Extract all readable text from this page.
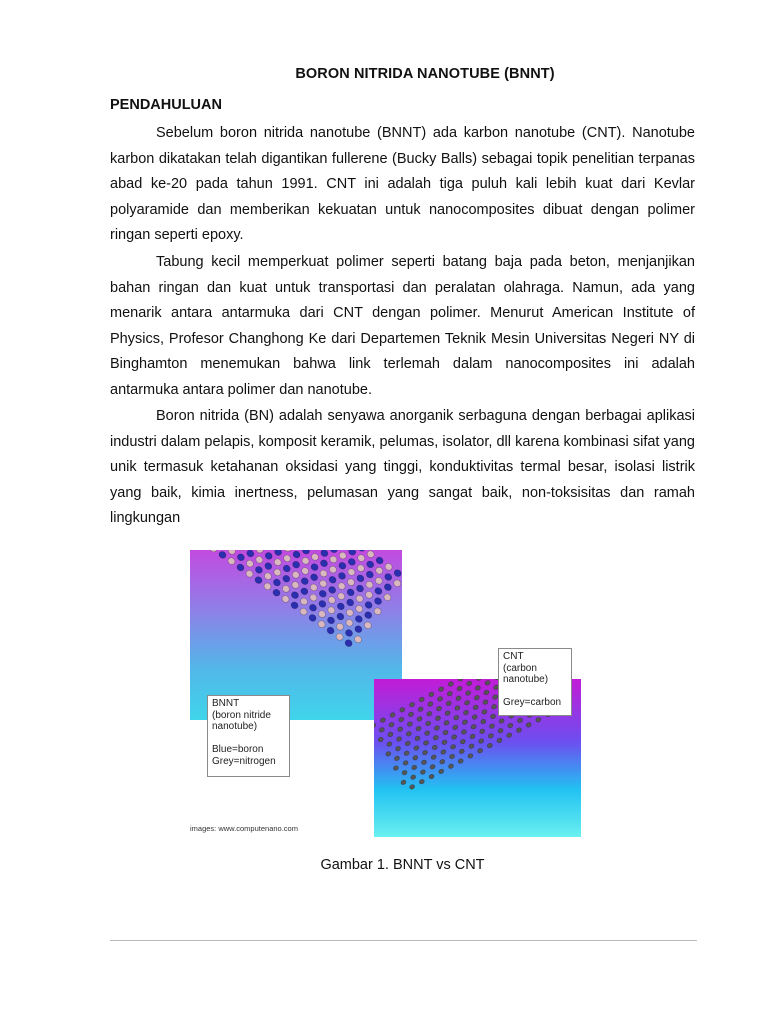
BORON NITRIDA NANOTUBE (BNNT)
PENDAHULUAN

Sebelum boron nitrida nanotube (BNNT) ada karbon nanotube (CNT). Nanotube karbon dikatakan telah digantikan fullerene (Bucky Balls) sebagai topik penelitian terpanas abad ke-20 pada tahun 1991. CNT ini adalah tiga puluh kali lebih kuat dari Kevlar polyaramide dan memberikan kekuatan untuk nanocomposites dibuat dengan polimer ringan seperti epoxy.

Tabung kecil memperkuat polimer seperti batang baja pada beton, menjanjikan bahan ringan dan kuat untuk transportasi dan peralatan olahraga. Namun, ada yang menarik antara antarmuka dari CNT dengan polimer. Menurut American Institute of Physics, Profesor Changhong Ke dari Departemen Teknik Mesin Universitas Negeri NY di Binghamton menemukan bahwa link terlemah dalam nanocomposites ini adalah antarmuka antara polimer dan nanotube.

Boron nitrida (BN) adalah senyawa anorganik serbaguna dengan berbagai aplikasi industri dalam pelapis, komposit keramik, pelumas, isolator, dll karena kombinasi sifat yang unik termasuk ketahanan oksidasi yang tinggi, konduktivitas termal besar, isolasi listrik yang baik, kimia inertness, pelumasan yang sangat baik, non-toksisitas dan ramah lingkungan

BNNT
(boron nitride
nanotube)
Blue=boron
Grey=nitrogen
CNT
(carbon
nanotube)
Grey=carbon
images: www.computenano.com
Gambar 1. BNNT vs CNT
